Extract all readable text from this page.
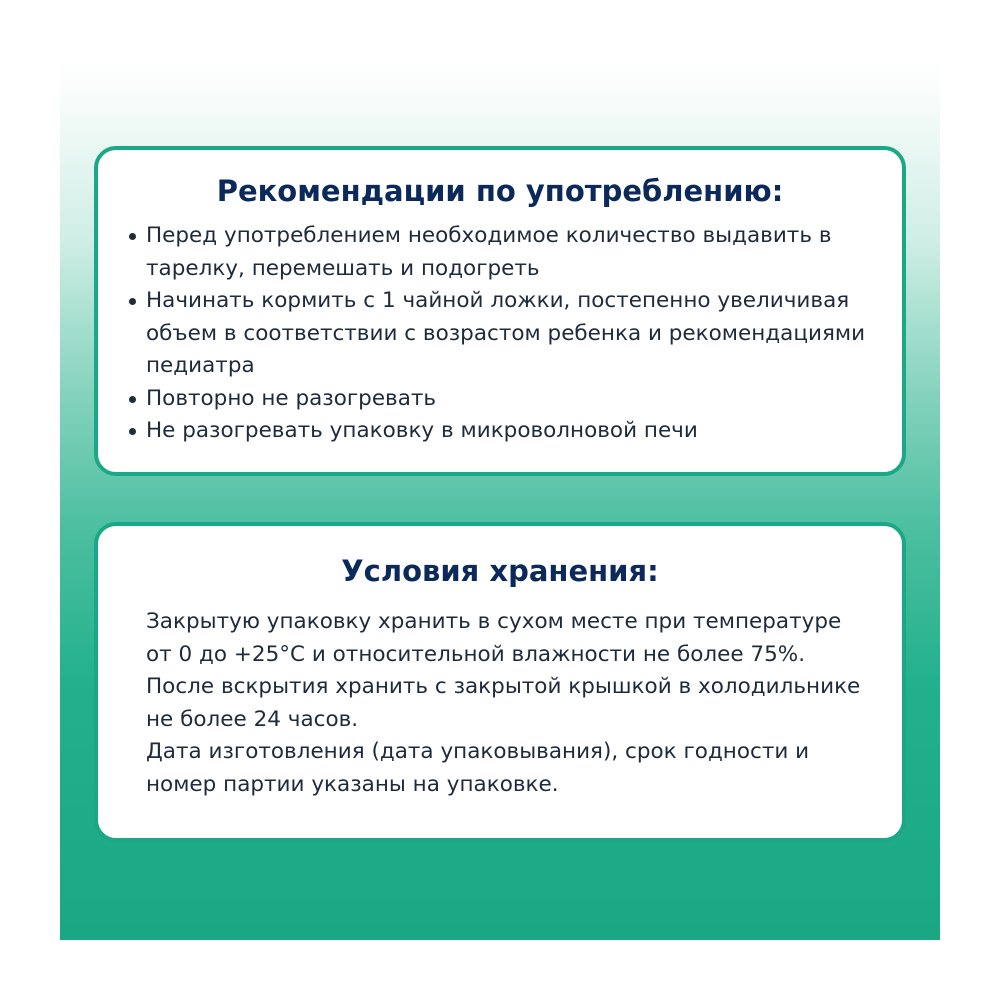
Рекомендации по употреблению:
Перед употреблением необходимое количество выдавить в тарелку, перемешать и подогреть
Начинать кормить с 1 чайной ложки, постепенно увеличивая объем в соответствии с возрастом ребенка и рекомендациями педиатра
Повторно не разогревать
Не разогревать упаковку в микроволновой печи
Условия хранения:
Закрытую упаковку хранить в сухом месте при температуре от 0 до +25°С и относительной влажности не более 75%.
После вскрытия хранить с закрытой крышкой в холодильнике не более 24 часов.
Дата изготовления (дата упаковывания), срок годности и номер партии указаны на упаковке.
